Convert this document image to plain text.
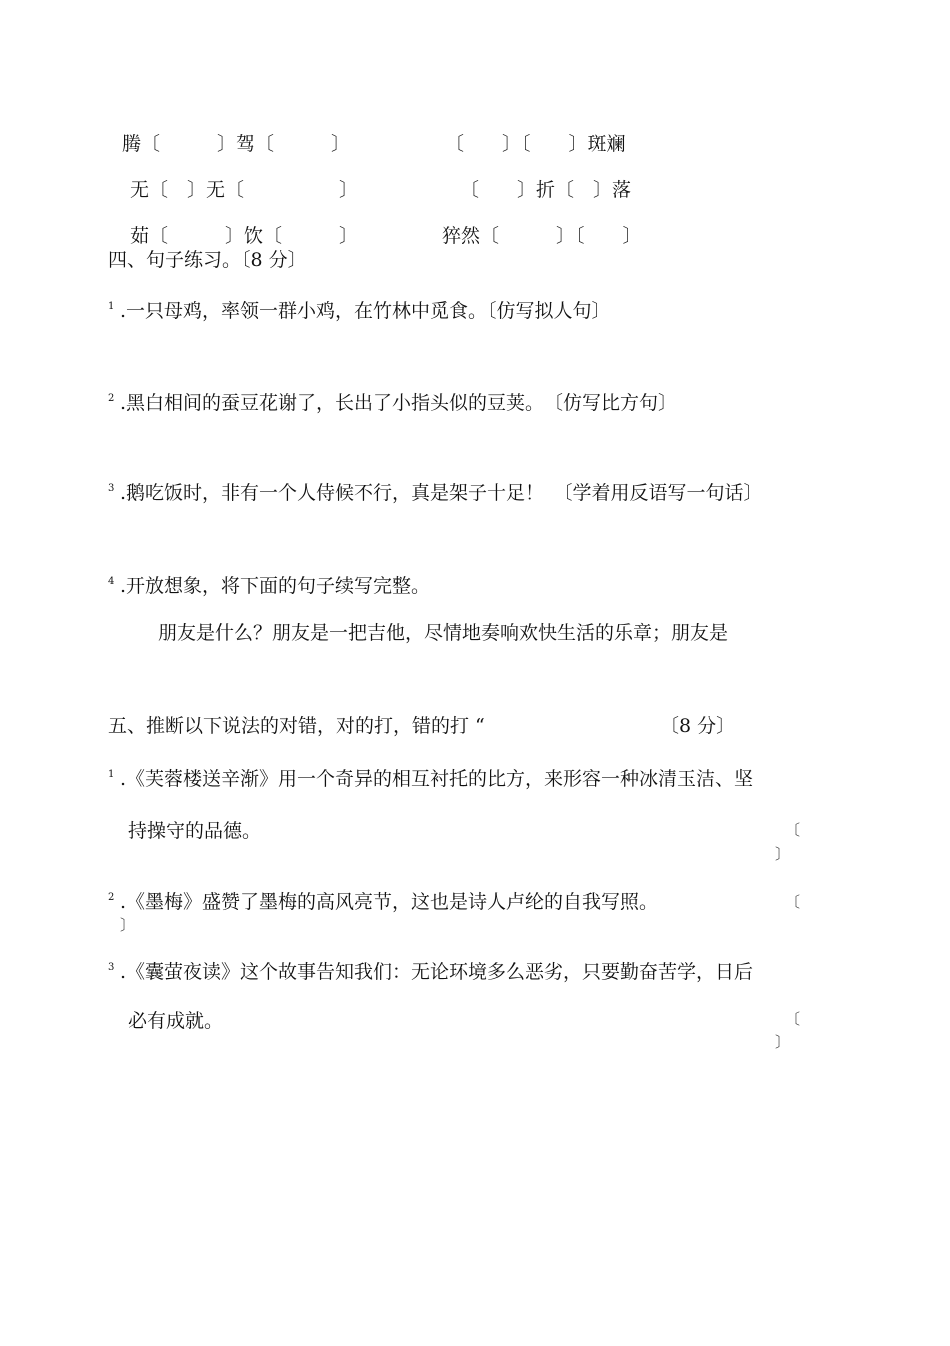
腾〔　　　〕驾〔　　　〕	〔　　〕〔　　〕斑斓
无〔　〕无〔　　　　　〕	〔　　〕折〔　〕落
茹〔　　　〕饮〔　　　〕	猝然〔　　　〕〔　　〕
四、句子练习。〔8 分〕
1 .一只母鸡，率领一群小鸡，在竹林中觅食。〔仿写拟人句〕
2 .黑白相间的蚕豆花谢了，长出了小指头似的豆荚。　〔仿写比方句〕
3 .鹅吃饭时，非有一个人侍候不行，真是架子十足！　〔学着用反语写一句话〕
4 .开放想象，将下面的句子续写完整。
朋友是什么？朋友是一把吉他，尽情地奏响欢快生活的乐章；朋友是
五、推断以下说法的对错，对的打，错的打 “	〔8 分〕
1 .《芙蓉楼送辛渐》用一个奇异的相互衬托的比方，来形容一种冰清玉洁、坚
持操守的品德。	〔
〕
2 .《墨梅》盛赞了墨梅的高风亮节，这也是诗人卢纶的自我写照。	〔
〕
3 .《囊萤夜读》这个故事告知我们：无论环境多么恶劣，只要勤奋苦学，日后
必有成就。	〔
〕
